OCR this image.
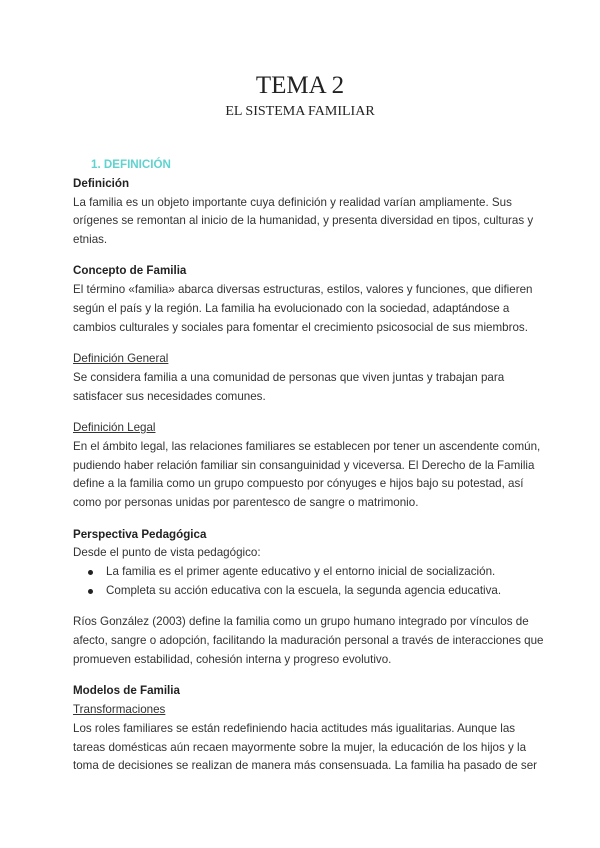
TEMA 2
EL SISTEMA FAMILIAR
1. DEFINICIÓN
Definición
La familia es un objeto importante cuya definición y realidad varían ampliamente. Sus
orígenes se remontan al inicio de la humanidad, y presenta diversidad en tipos, culturas y
etnias.
Concepto de Familia
El término «familia» abarca diversas estructuras, estilos, valores y funciones, que difieren
según el país y la región. La familia ha evolucionado con la sociedad, adaptándose a
cambios culturales y sociales para fomentar el crecimiento psicosocial de sus miembros.
Definición General
Se considera familia a una comunidad de personas que viven juntas y trabajan para
satisfacer sus necesidades comunes.
Definición Legal
En el ámbito legal, las relaciones familiares se establecen por tener un ascendente común,
pudiendo haber relación familiar sin consanguinidad y viceversa. El Derecho de la Familia
define a la familia como un grupo compuesto por cónyuges e hijos bajo su potestad, así
como por personas unidas por parentesco de sangre o matrimonio.
Perspectiva Pedagógica
Desde el punto de vista pedagógico:
La familia es el primer agente educativo y el entorno inicial de socialización.
Completa su acción educativa con la escuela, la segunda agencia educativa.
Ríos González (2003) define la familia como un grupo humano integrado por vínculos de
afecto, sangre o adopción, facilitando la maduración personal a través de interacciones que
promueven estabilidad, cohesión interna y progreso evolutivo.
Modelos de Familia
Transformaciones
Los roles familiares se están redefiniendo hacia actitudes más igualitarias. Aunque las
tareas domésticas aún recaen mayormente sobre la mujer, la educación de los hijos y la
toma de decisiones se realizan de manera más consensuada. La familia ha pasado de ser
